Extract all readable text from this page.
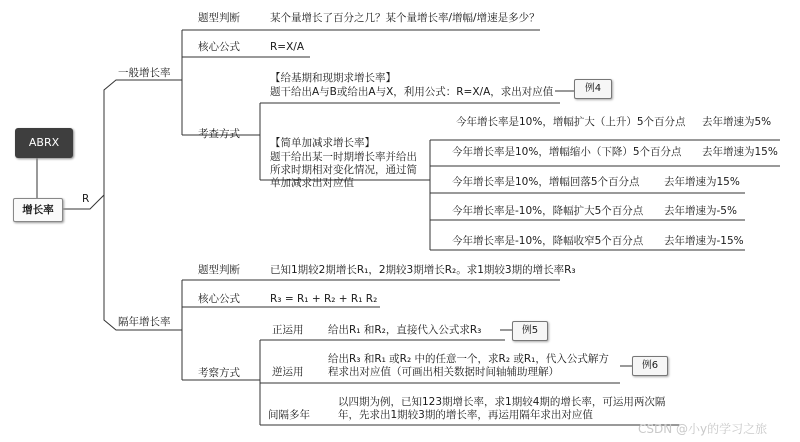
ABRX
增长率
R
一般增长率
题型判断	某个量增长了百分之几？某个量增长率/增幅/增速是多少？
核心公式	R=X/A
考查方式
【给基期和现期求增长率】
题干给出A与B或给出A与X，利用公式：R=X/A，求出对应值	例4
【简单加减求增长率】
题干给出某一时期增长率并给出所求时期相对变化情况，通过简单加减求出对应值
今年增长率是10%，增幅扩大（上升）5个百分点 去年增速为5%
今年增长率是10%，增幅缩小（下降）5个百分点 去年增速为15%
今年增长率是10%，增幅回落5个百分点 去年增速为15%
今年增长率是-10%，降幅扩大5个百分点 去年增速为-5%
今年增长率是-10%，降幅收窄5个百分点 去年增速为-15%
隔年增长率
题型判断	已知1期较2期增长R₁，2期较3期增长R₂。求1期较3期的增长率R₃
核心公式	R₃ = R₁ + R₂ + R₁ R₂
考察方式
正运用 给出R₁ 和R₂，直接代入公式求R₃	例5
逆运用
给出R₃ 和R₁ 或R₂ 中的任意一个，求R₂ 或R₁，代入公式解方程求出对应值（可画出相关数据时间轴辅助理解）
例6
间隔多年
以四期为例，已知123期增长率，求1期较4期的增长率，可运用两次隔年，先求出1期较3期的增长率，再运用隔年求出对应值
CSDN @小y的学习之旅
